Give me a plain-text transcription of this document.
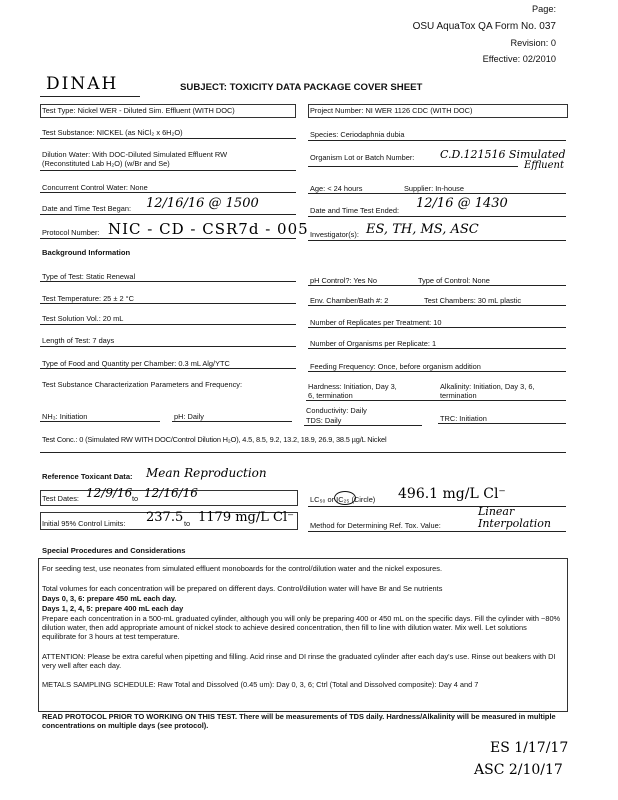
Page:
OSU AquaTox QA Form No. 037
Revision: 0
Effective: 02/2010
DINAH	SUBJECT: TOXICITY DATA PACKAGE COVER SHEET
Test Type: Nickel WER - Diluted Sim. Effluent (WITH DOC)	Project Number: NI WER 1126 CDC (WITH DOC)
Test Substance: NICKEL (as NiCl₂ x 6H₂O)	Species: Ceriodaphnia dubia
Dilution Water: With DOC-Diluted Simulated Effluent RW
(Reconstituted Lab H₂O) (w/Br and Se)
Organism Lot or Batch Number: C.D.121516 Simulated
Effluent
Concurrent Control Water: None	Age: < 24 hours	Supplier: In-house
Date and Time Test Began: 12/16/16 @ 1500	Date and Time Test Ended: 12/16 @ 1430
Protocol Number: NIC - CD - CSR7d - 005 Investigator(s): ES, TH, MS, ASC
Background Information
Type of Test: Static Renewal	pH Control?: Yes No	Type of Control: None
Test Temperature: 25 ± 2 °C	Env. Chamber/Bath #: 2	Test Chambers: 30 mL plastic
Test Solution Vol.: 20 mL	Number of Replicates per Treatment: 10
Length of Test: 7 days	Number of Organisms per Replicate: 1
Type of Food and Quantity per Chamber: 0.3 mL Alg/YTC	Feeding Frequency: Once, before organism addition
Test Substance Characterization Parameters and Frequency:	Hardness: Initiation, Day 3,
6, termination
Alkalinity: Initiation, Day 3, 6,
termination
NH₃: Initiation	pH: Daily
Conductivity: Daily
TDS: Daily	TRC: Initiation
Test Conc.: 0 (Simulated RW WITH DOC/Control Dilution H₂O), 4.5, 8.5, 9.2, 13.2, 18.9, 26.9, 38.5 µg/L Nickel
Reference Toxicant Data: Mean Reproduction
Test Dates: 12/9/16 to 12/16/16	LC₅₀ or IC₂₅ (Circle) 496.1 mg/L Cl⁻
Initial 95% Control Limits: 237.5 to 1179 mg/L Cl⁻
Method for Determining Ref. Tox. Value:
Linear Interpolation
Special Procedures and Considerations
For seeding test, use neonates from simulated effluent monoboards for the control/dilution water and the nickel exposures.
Total volumes for each concentration will be prepared on different days. Control/dilution water will have Br and Se nutrients
Days 0, 3, 6: prepare 450 mL each day.
Days 1, 2, 4, 5: prepare 400 mL each day
Prepare each concentration in a 500-mL graduated cylinder, although you will only be preparing 400 or 450 mL on the specific days. Fill the cylinder with ~80% dilution water, then add appropriate amount of nickel stock to achieve desired concentration, then fill to line with dilution water. Mix well. Let solutions equilibrate for 3 hours at test temperature.
ATTENTION: Please be extra careful when pipetting and filling. Acid rinse and DI rinse the graduated cylinder after each day's use. Rinse out beakers with DI very well after each day.
METALS SAMPLING SCHEDULE: Raw Total and Dissolved (0.45 um): Day 0, 3, 6; Ctrl (Total and Dissolved composite): Day 4 and 7
READ PROTOCOL PRIOR TO WORKING ON THIS TEST. There will be measurements of TDS daily. Hardness/Alkalinity will be measured in multiple concentrations on multiple days (see protocol).
ES 1/17/17
ASC 2/10/17
